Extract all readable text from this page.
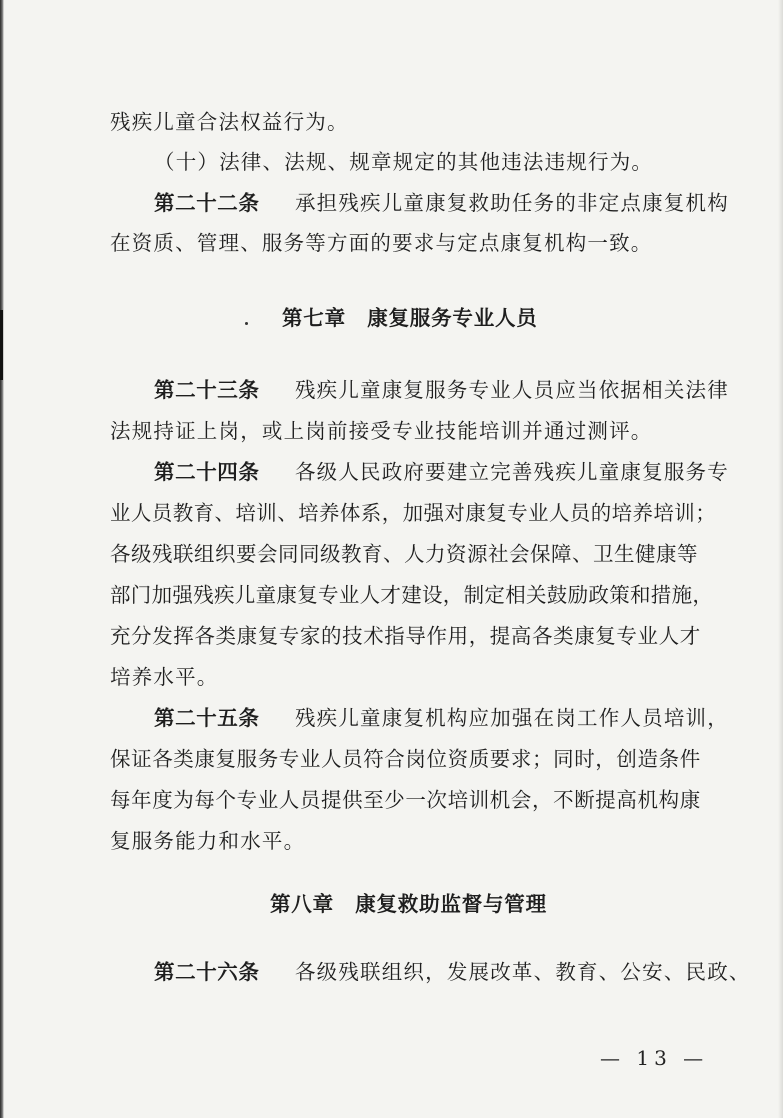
残疾儿童合法权益行为。
（十）法律、法规、规章规定的其他违法违规行为。
第二十二条 承担残疾儿童康复救助任务的非定点康复机构
在资质、管理、服务等方面的要求与定点康复机构一致。
第七章　康复服务专业人员
第二十三条 残疾儿童康复服务专业人员应当依据相关法律
法规持证上岗，或上岗前接受专业技能培训并通过测评。
第二十四条 各级人民政府要建立完善残疾儿童康复服务专
业人员教育、培训、培养体系，加强对康复专业人员的培养培训；
各级残联组织要会同同级教育、人力资源社会保障、卫生健康等
部门加强残疾儿童康复专业人才建设，制定相关鼓励政策和措施，
充分发挥各类康复专家的技术指导作用，提高各类康复专业人才
培养水平。
第二十五条 残疾儿童康复机构应加强在岗工作人员培训，
保证各类康复服务专业人员符合岗位资质要求；同时，创造条件
每年度为每个专业人员提供至少一次培训机会，不断提高机构康
复服务能力和水平。
第八章　康复救助监督与管理
第二十六条 各级残联组织，发展改革、教育、公安、民政、
— 13 —
